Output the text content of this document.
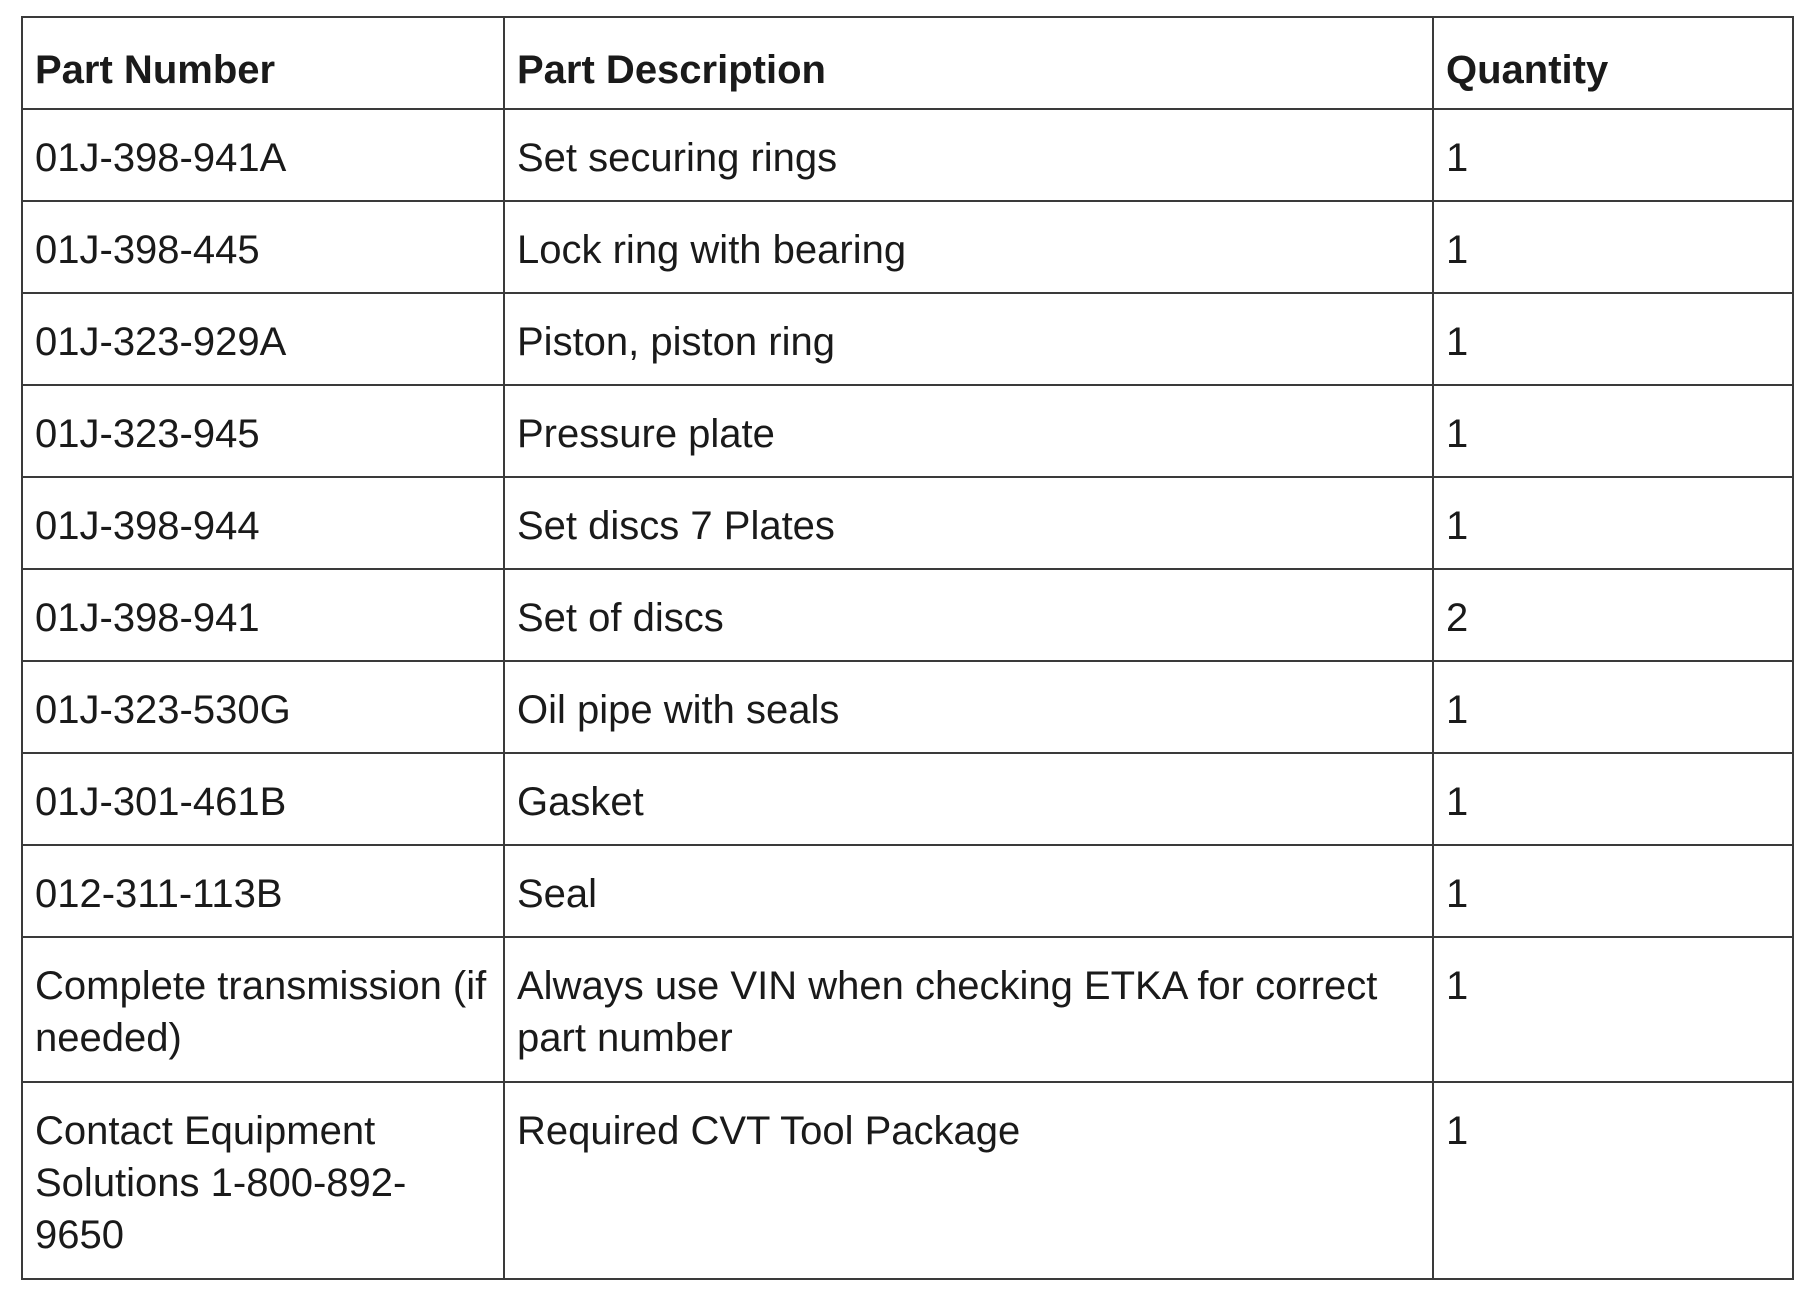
Part Number	Part Description	Quantity
01J-398-941A	Set securing rings	1
01J-398-445	Lock ring with bearing	1
01J-323-929A	Piston, piston ring	1
01J-323-945	Pressure plate	1
01J-398-944	Set discs 7 Plates	1
01J-398-941	Set of discs	2
01J-323-530G	Oil pipe with seals	1
01J-301-461B	Gasket	1
012-311-113B	Seal	1
Complete transmission (if needed)	Always use VIN when checking ETKA for correct part number	1
Contact Equipment Solutions 1-800-892-9650	Required CVT Tool Package	1
